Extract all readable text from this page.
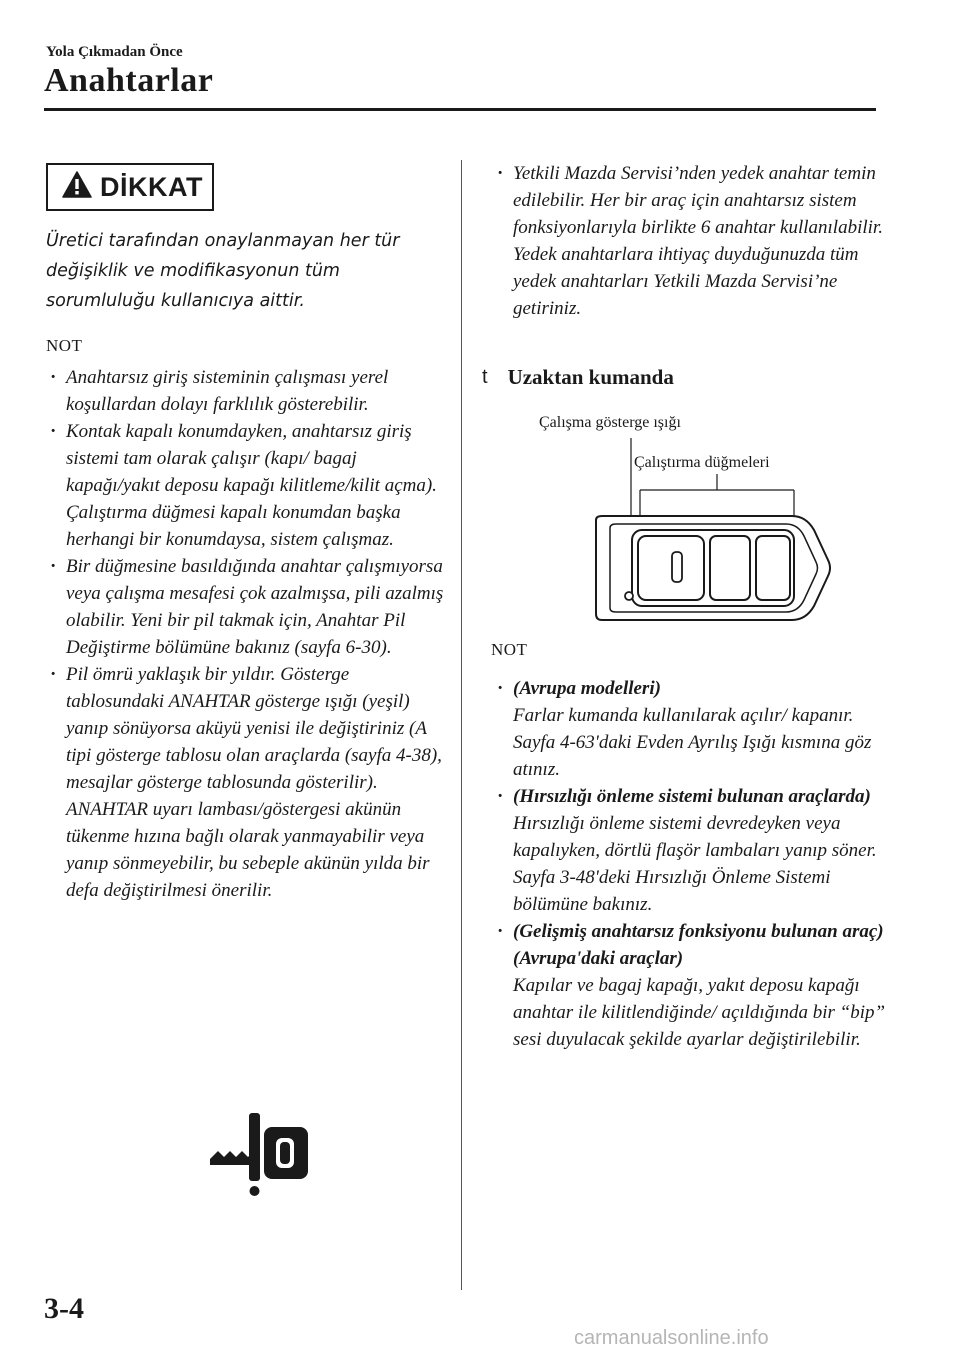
Yola Çıkmadan Önce
Anahtarlar
DİKKAT
Üretici tarafından onaylanmayan her tür değişiklik ve modifikasyonun tüm sorumluluğu kullanıcıya aittir.
NOT
· Anahtarsız giriş sisteminin çalışması yerel koşullardan dolayı farklılık gösterebilir.
· Kontak kapalı konumdayken, anahtarsız giriş sistemi tam olarak çalışır (kapı/ bagaj kapağı/yakıt deposu kapağı kilitleme/kilit açma). Çalıştırma düğmesi kapalı konumdan başka herhangi bir konumdaysa, sistem çalışmaz.
· Bir düğmesine basıldığında anahtar çalışmıyorsa veya çalışma mesafesi çok azalmışsa, pili azalmış olabilir. Yeni bir pil takmak için, Anahtar Pil Değiştirme bölümüne bakınız (sayfa 6-30).
· Pil ömrü yaklaşık bir yıldır. Gösterge tablosundaki ANAHTAR gösterge ışığı (yeşil) yanıp sönüyorsa aküyü yenisi ile değiştiriniz (A tipi gösterge tablosu olan araçlarda (sayfa 4-38), mesajlar gösterge tablosunda gösterilir). ANAHTAR uyarı lambası/göstergesi akünün tükenme hızına bağlı olarak yanmayabilir veya yanıp sönmeyebilir, bu sebeple akünün yılda bir defa değiştirilmesi önerilir.
· Yetkili Mazda Servisi’nden yedek anahtar temin edilebilir. Her bir araç için anahtarsız sistem fonksiyonlarıyla birlikte 6 anahtar kullanılabilir. Yedek anahtarlara ihtiyaç duyduğunuzda tüm yedek anahtarları Yetkili Mazda Servisi’ne getiriniz.
t Uzaktan kumanda
Çalışma gösterge ışığı
Çalıştırma düğmeleri
NOT
· (Avrupa modelleri)
Farlar kumanda kullanılarak açılır/ kapanır. Sayfa 4-63'daki Evden Ayrılış Işığı kısmına göz atınız.
· (Hırsızlığı önleme sistemi bulunan araçlarda)
Hırsızlığı önleme sistemi devredeyken veya kapalıyken, dörtlü flaşör lambaları yanıp söner. Sayfa 3-48'deki Hırsızlığı Önleme Sistemi bölümüne bakınız.
· (Gelişmiş anahtarsız fonksiyonu bulunan araç) (Avrupa'daki araçlar)
Kapılar ve bagaj kapağı, yakıt deposu kapağı anahtar ile kilitlendiğinde/ açıldığında bir “bip” sesi duyulacak şekilde ayarlar değiştirilebilir.
3-4
carmanualsonline.info
